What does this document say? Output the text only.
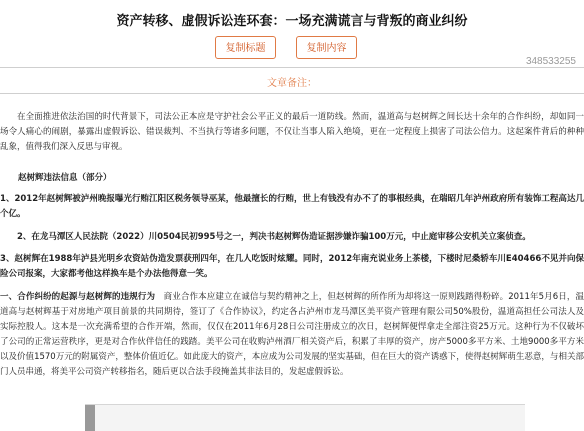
资产转移、虚假诉讼连环套：一场充满谎言与背叛的商业纠纷
复制标题	复制内容
348533255
文章备注：

在全面推进依法治国的时代背景下，司法公正本应是守护社会公平正义的最后一道防线。然而，温道高与赵树辉之间长达十余年的合作纠纷，却如同一场令人痛心的闹剧，暴露出虚假诉讼、错误裁判、不当执行等诸多问题，不仅让当事人陷入绝境，更在一定程度上损害了司法公信力。这起案件背后的种种乱象，值得我们深入反思与审视。

赵树辉违法信息（部分）

1、2012年赵树辉被泸州晚报曝光行贿江阳区税务领导巫某，他最擅长的行贿，世上有钱没有办不了的事根经典，在瑞昭几年泸州政府所有装饰工程高达几个亿。

2、在龙马潭区人民法院（2022）川0504民初995号之一，判决书赵树辉伪造证据涉嫌诈骗100万元，中止庭审移公安机关立案侦查。

3、赵树辉在1988年泸县光明乡农资站伪造发票获刑四年，在几人吃饭时炫耀。同时，2012年南充说业务上茶楼，下楼时尼桑轿车川E40466不见并向保险公司报案，大家都考他这样换车是个办法他得意一笑。

一、合作纠纷的起源与赵树辉的违规行为　商业合作本应建立在诚信与契约精神之上，但赵树辉的所作所为却将这一原则践踏得粉碎。2011年5月6日，温道高与赵树辉基于对房地产项目前景的共同期待，签订了《合作协议》，约定各占泸州市龙马潭区美平资产管理有限公司50%股份，温道高担任公司法人及实际控股人。这本是一次充满希望的合作开端，然而，仅仅在2011年6月28日公司注册成立的次日，赵树辉便悍拿走全部注资25万元。这种行为不仅破坏了公司的正常运营秩序，更是对合作伙伴信任的践踏。美平公司在收购泸州酒厂相关资产后，积累了丰厚的资产，房产5000多平方米、土地9000多平方米以及价值1570万元的附属资产，整体价值近亿。如此庞大的资产，本应成为公司发展的坚实基础，但在巨大的资产诱惑下，使得赵树辉萌生恶意，与相关部门人员串通，将美平公司资产转移指名，随后更以合法手段掩盖其非法目的，发起虚假诉讼。
